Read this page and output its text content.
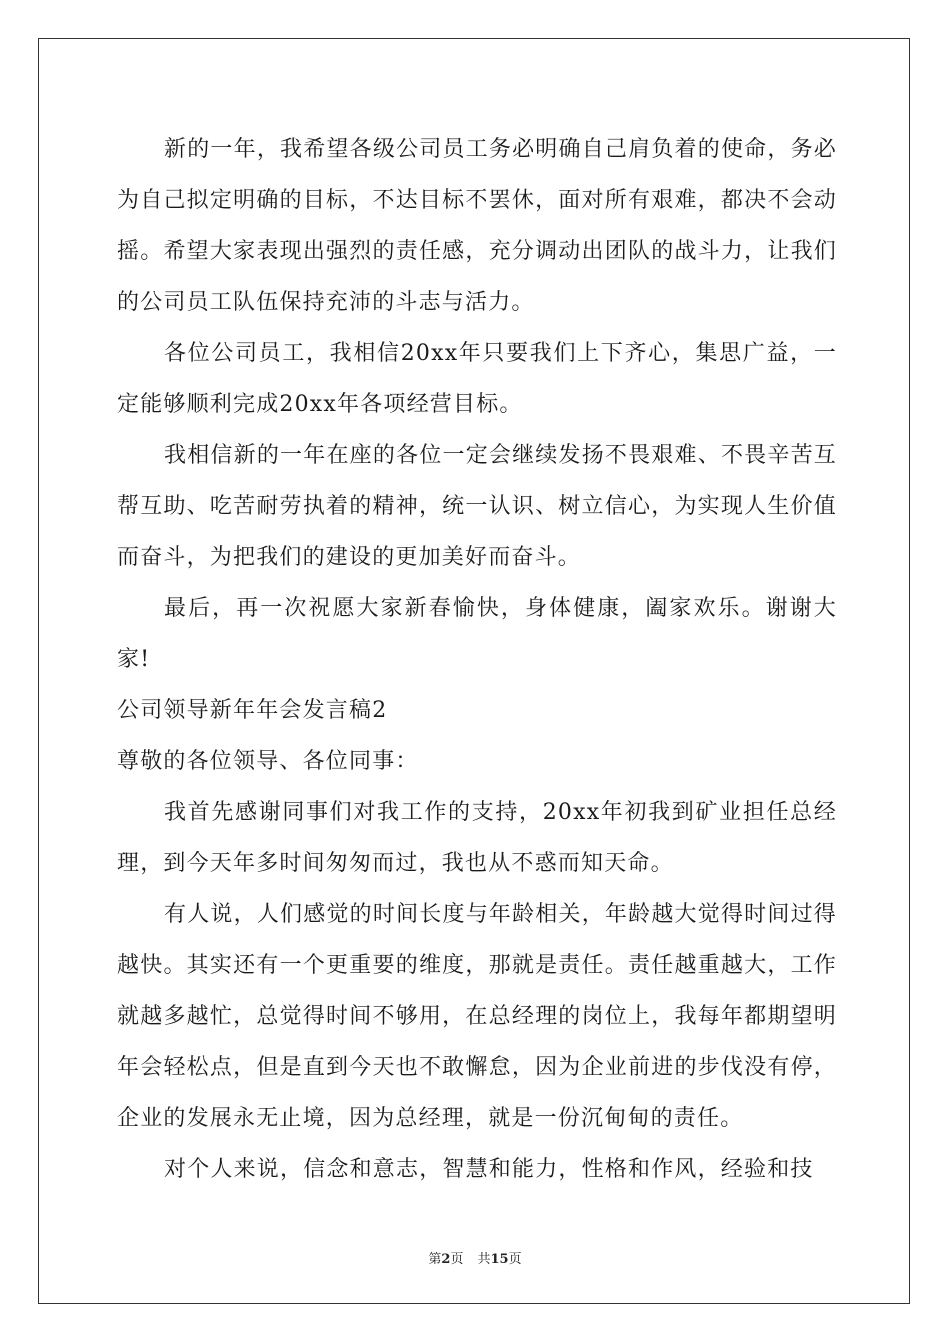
新的一年，我希望各级公司员工务必明确自己肩负着的使命，务必为自己拟定明确的目标，不达目标不罢休，面对所有艰难，都决不会动摇。希望大家表现出强烈的责任感，充分调动出团队的战斗力，让我们的公司员工队伍保持充沛的斗志与活力。

各位公司员工，我相信20xx年只要我们上下齐心，集思广益，一定能够顺利完成20xx年各项经营目标。

我相信新的一年在座的各位一定会继续发扬不畏艰难、不畏辛苦互帮互助、吃苦耐劳执着的精神，统一认识、树立信心，为实现人生价值而奋斗，为把我们的建设的更加美好而奋斗。

最后，再一次祝愿大家新春愉快，身体健康，阖家欢乐。谢谢大家!

公司领导新年年会发言稿2

尊敬的各位领导、各位同事：

我首先感谢同事们对我工作的支持，20xx年初我到矿业担任总经理，到今天年多时间匆匆而过，我也从不惑而知天命。

有人说，人们感觉的时间长度与年龄相关，年龄越大觉得时间过得越快。其实还有一个更重要的维度，那就是责任。责任越重越大，工作就越多越忙，总觉得时间不够用，在总经理的岗位上，我每年都期望明年会轻松点，但是直到今天也不敢懈怠，因为企业前进的步伐没有停，企业的发展永无止境，因为总经理，就是一份沉甸甸的责任。

对个人来说，信念和意志，智慧和能力，性格和作风，经验和技

第2页 共15页
